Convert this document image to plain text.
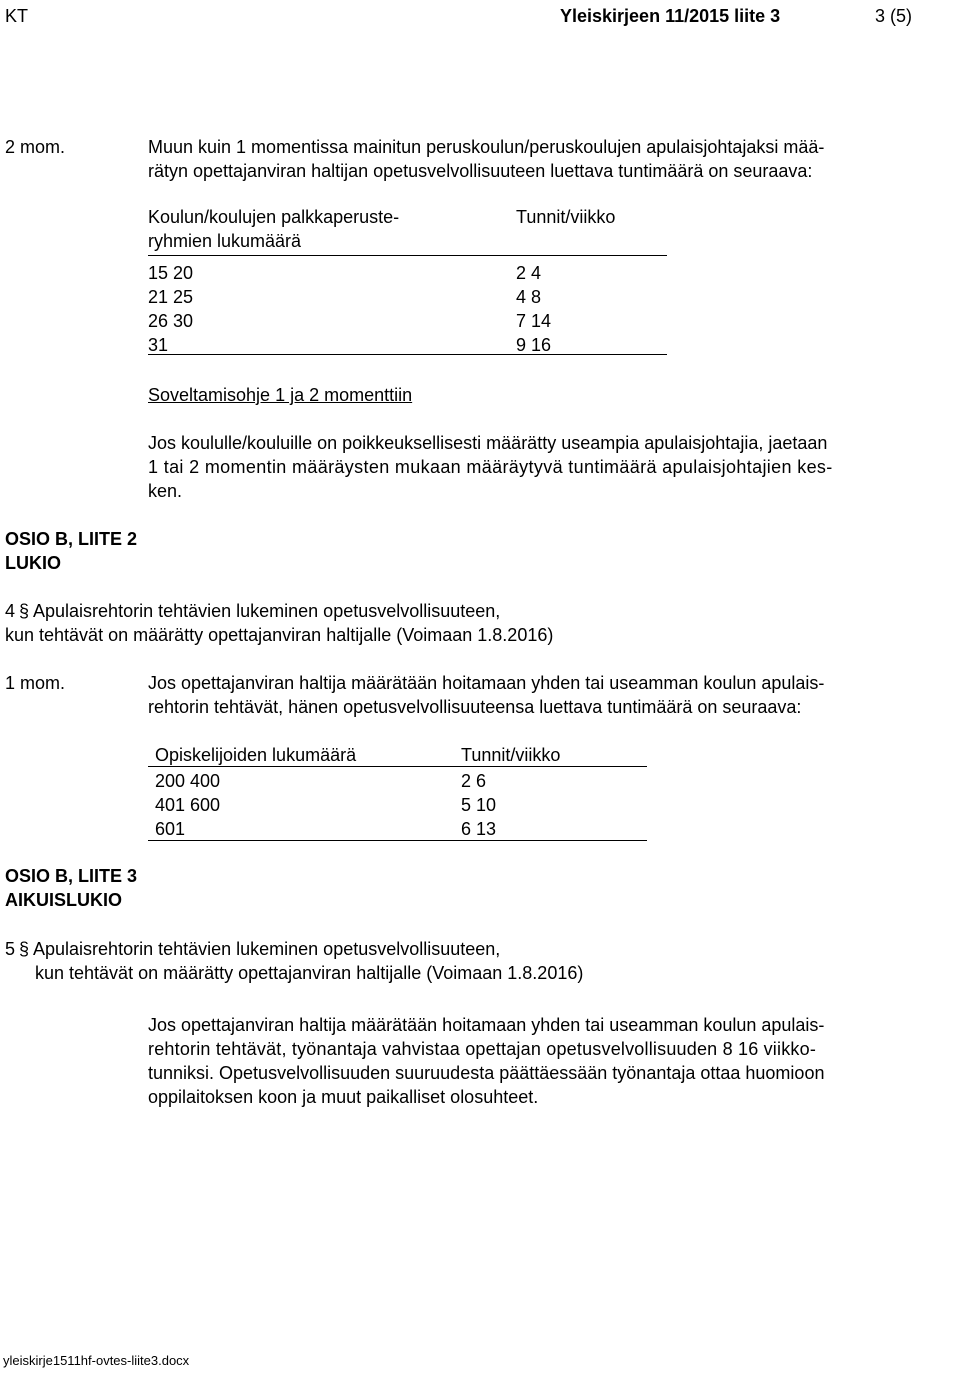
KT	Yleiskirjeen 11/2015 liite 3	3 (5)
2 mom.	Muun kuin 1 momentissa mainitun peruskoulun/peruskoulujen apulaisjohtajaksi mää-
rätyn opettajanviran haltijan opetusvelvollisuuteen luettava tuntimäärä on seuraava:
Koulun/koulujen palkkaperuste-
ryhmien lukumäärä
Tunnit/viikko
15 20	2 4
21 25	4 8
26 30	7 14
31	9 16
Soveltamisohje 1 ja 2 momenttiin
Jos koululle/kouluille on poikkeuksellisesti määrätty useampia apulaisjohtajia, jaetaan
1 tai 2 momentin määräysten mukaan määräytyvä tuntimäärä apulaisjohtajien kes-
ken.
OSIO B, LIITE 2
LUKIO
4 § Apulaisrehtorin tehtävien lukeminen opetusvelvollisuuteen,
kun tehtävät on määrätty opettajanviran haltijalle (Voimaan 1.8.2016)
1 mom.	Jos opettajanviran haltija määrätään hoitamaan yhden tai useamman koulun apulais-
rehtorin tehtävät, hänen opetusvelvollisuuteensa luettava tuntimäärä on seuraava:
Opiskelijoiden lukumäärä	Tunnit/viikko
200 400	2 6
401 600	5 10
601	6 13
OSIO B, LIITE 3
AIKUISLUKIO
5 § Apulaisrehtorin tehtävien lukeminen opetusvelvollisuuteen,
kun tehtävät on määrätty opettajanviran haltijalle (Voimaan 1.8.2016)
Jos opettajanviran haltija määrätään hoitamaan yhden tai useamman koulun apulais-
rehtorin tehtävät, työnantaja vahvistaa opettajan opetusvelvollisuuden 8 16 viikko-
tunniksi. Opetusvelvollisuuden suuruudesta päättäessään työnantaja ottaa huomioon
oppilaitoksen koon ja muut paikalliset olosuhteet.
yleiskirje1511hf-ovtes-liite3.docx
